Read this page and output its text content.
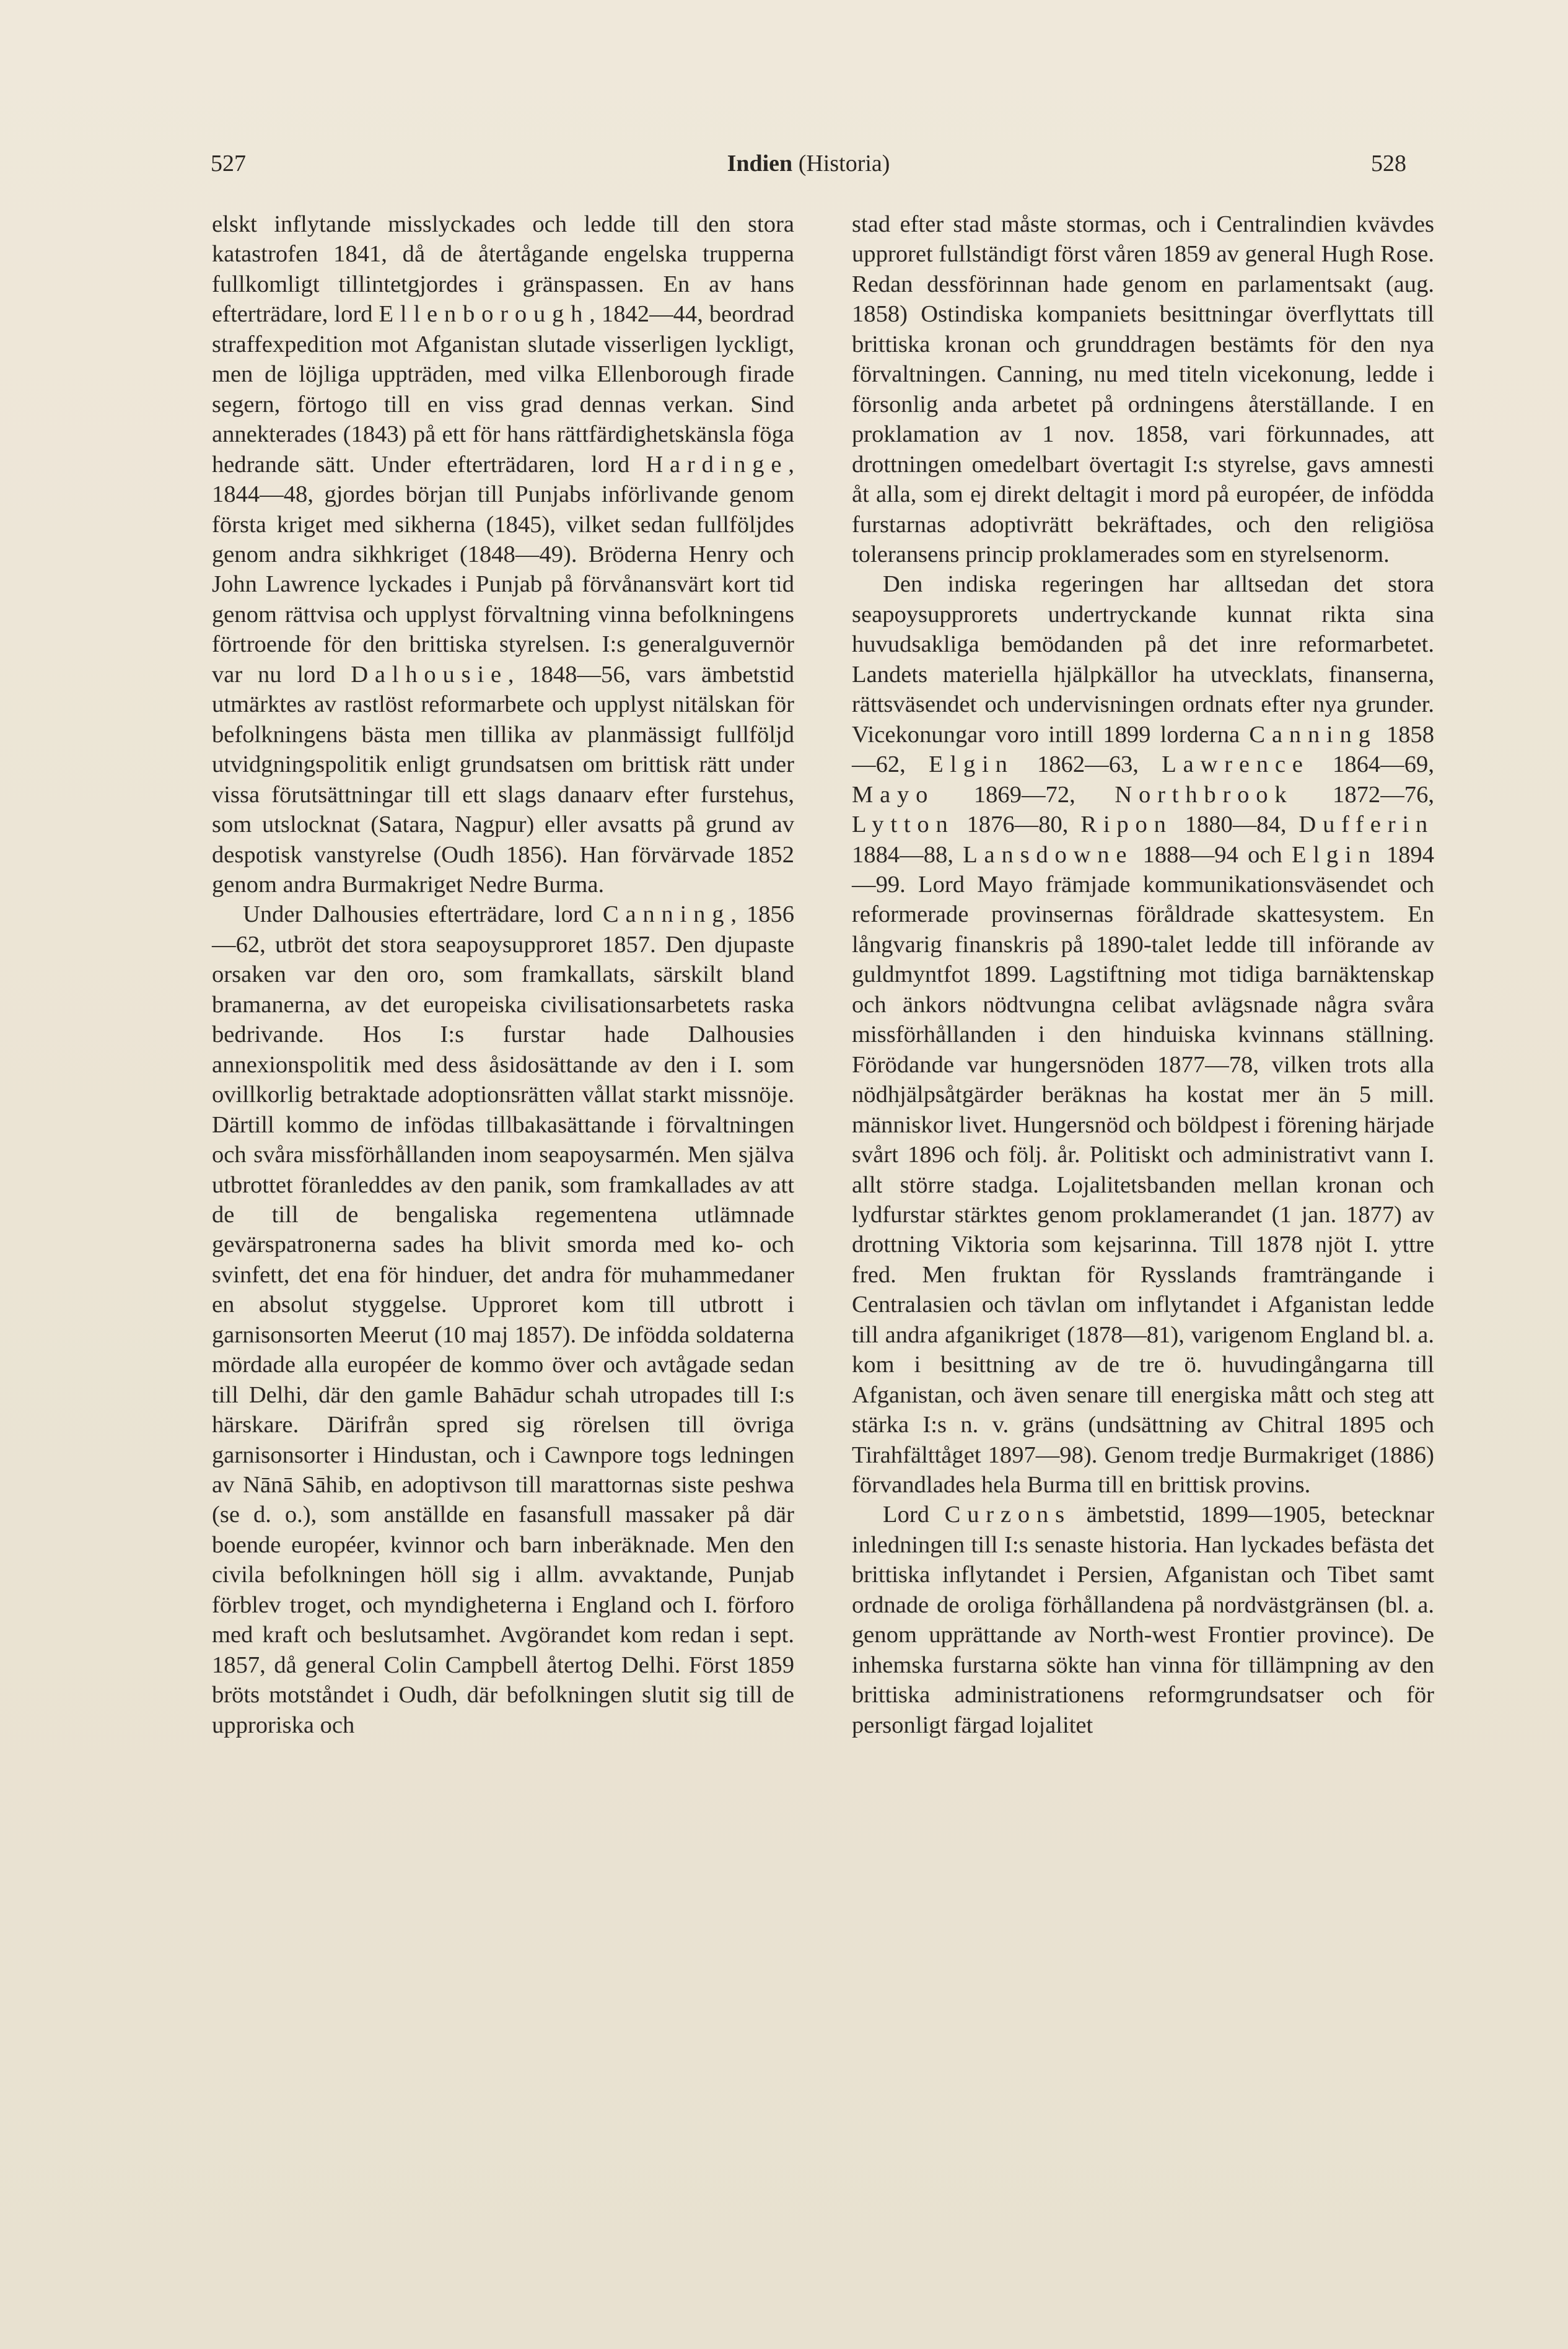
527	Indien (Historia)	528

elskt inflytande misslyckades och ledde till den stora katastrofen 1841, då de återtågande engelska trupperna fullkomligt tillintetgjordes i gränspassen. En av hans efterträdare, lord Ellenborough, 1842—44, beordrad straffexpedition mot Afganistan slutade visserligen lyckligt, men de löjliga uppträden, med vilka Ellenborough firade segern, förtogo till en viss grad dennas verkan. Sind annekterades (1843) på ett för hans rättfärdighetskänsla föga hedrande sätt. Under efterträdaren, lord Hardinge, 1844—48, gjordes början till Punjabs införlivande genom första kriget med sikherna (1845), vilket sedan fullföljdes genom andra sikhkriget (1848—49). Bröderna Henry och John Lawrence lyckades i Punjab på förvånansvärt kort tid genom rättvisa och upplyst förvaltning vinna befolkningens förtroende för den brittiska styrelsen. I:s generalguvernör var nu lord Dalhousie, 1848—56, vars ämbetstid utmärktes av rastlöst reformarbete och upplyst nitälskan för befolkningens bästa men tillika av planmässigt fullföljd utvidgningspolitik enligt grundsatsen om brittisk rätt under vissa förutsättningar till ett slags danaarv efter furstehus, som utslocknat (Satara, Nagpur) eller avsatts på grund av despotisk vanstyrelse (Oudh 1856). Han förvärvade 1852 genom andra Burmakriget Nedre Burma.

Under Dalhousies efterträdare, lord Canning, 1856—62, utbröt det stora seapoysupproret 1857. Den djupaste orsaken var den oro, som framkallats, särskilt bland bramanerna, av det europeiska civilisationsarbetets raska bedrivande. Hos I:s furstar hade Dalhousies annexionspolitik med dess åsidosättande av den i I. som ovillkorlig betraktade adoptionsrätten vållat starkt missnöje. Därtill kommo de infödas tillbakasättande i förvaltningen och svåra missförhållanden inom seapoysarmén. Men själva utbrottet föranleddes av den panik, som framkallades av att de till de bengaliska regementena utlämnade gevärspatronerna sades ha blivit smorda med ko- och svinfett, det ena för hinduer, det andra för muhammedaner en absolut styggelse. Upproret kom till utbrott i garnisonsorten Meerut (10 maj 1857). De infödda soldaterna mördade alla européer de kommo över och avtågade sedan till Delhi, där den gamle Bahādur schah utropades till I:s härskare. Därifrån spred sig rörelsen till övriga garnisonsorter i Hindustan, och i Cawnpore togs ledningen av Nānā Sāhib, en adoptivson till marattornas siste peshwa (se d. o.), som anställde en fasansfull massaker på där boende européer, kvinnor och barn inberäknade. Men den civila befolkningen höll sig i allm. avvaktande, Punjab förblev troget, och myndigheterna i England och I. förforo med kraft och beslutsamhet. Avgörandet kom redan i sept. 1857, då general Colin Campbell återtog Delhi. Först 1859 bröts motståndet i Oudh, där befolkningen slutit sig till de upproriska och

stad efter stad måste stormas, och i Centralindien kvävdes upproret fullständigt först våren 1859 av general Hugh Rose. Redan dessförinnan hade genom en parlamentsakt (aug. 1858) Ostindiska kompaniets besittningar överflyttats till brittiska kronan och grunddragen bestämts för den nya förvaltningen. Canning, nu med titeln vicekonung, ledde i försonlig anda arbetet på ordningens återställande. I en proklamation av 1 nov. 1858, vari förkunnades, att drottningen omedelbart övertagit I:s styrelse, gavs amnesti åt alla, som ej direkt deltagit i mord på européer, de infödda furstarnas adoptivrätt bekräftades, och den religiösa toleransens princip proklamerades som en styrelsenorm.

Den indiska regeringen har alltsedan det stora seapoysupprorets undertryckande kunnat rikta sina huvudsakliga bemödanden på det inre reformarbetet. Landets materiella hjälpkällor ha utvecklats, finanserna, rättsväsendet och undervisningen ordnats efter nya grunder. Vicekonungar voro intill 1899 lorderna Canning 1858—62, Elgin 1862—63, Lawrence 1864—69, Mayo 1869—72, Northbrook 1872—76, Lytton 1876—80, Ripon 1880—84, Dufferin 1884—88, Lansdowne 1888—94 och Elgin 1894—99. Lord Mayo främjade kommunikationsväsendet och reformerade provinsernas föråldrade skattesystem. En långvarig finanskris på 1890-talet ledde till införande av guldmyntfot 1899. Lagstiftning mot tidiga barnäktenskap och änkors nödtvungna celibat avlägsnade några svåra missförhållanden i den hinduiska kvinnans ställning. Förödande var hungersnöden 1877—78, vilken trots alla nödhjälpsåtgärder beräknas ha kostat mer än 5 mill. människor livet. Hungersnöd och böldpest i förening härjade svårt 1896 och följ. år. Politiskt och administrativt vann I. allt större stadga. Lojalitetsbanden mellan kronan och lydfurstar stärktes genom proklamerandet (1 jan. 1877) av drottning Viktoria som kejsarinna. Till 1878 njöt I. yttre fred. Men fruktan för Rysslands framträngande i Centralasien och tävlan om inflytandet i Afganistan ledde till andra afganikriget (1878—81), varigenom England bl. a. kom i besittning av de tre ö. huvudingångarna till Afganistan, och även senare till energiska mått och steg att stärka I:s n. v. gräns (undsättning av Chitral 1895 och Tirahfälttåget 1897—98). Genom tredje Burmakriget (1886) förvandlades hela Burma till en brittisk provins.

Lord Curzons ämbetstid, 1899—1905, betecknar inledningen till I:s senaste historia. Han lyckades befästa det brittiska inflytandet i Persien, Afganistan och Tibet samt ordnade de oroliga förhållandena på nordvästgränsen (bl. a. genom upprättande av North-west Frontier province). De inhemska furstarna sökte han vinna för tillämpning av den brittiska administrationens reformgrundsatser och för personligt färgad lojalitet
